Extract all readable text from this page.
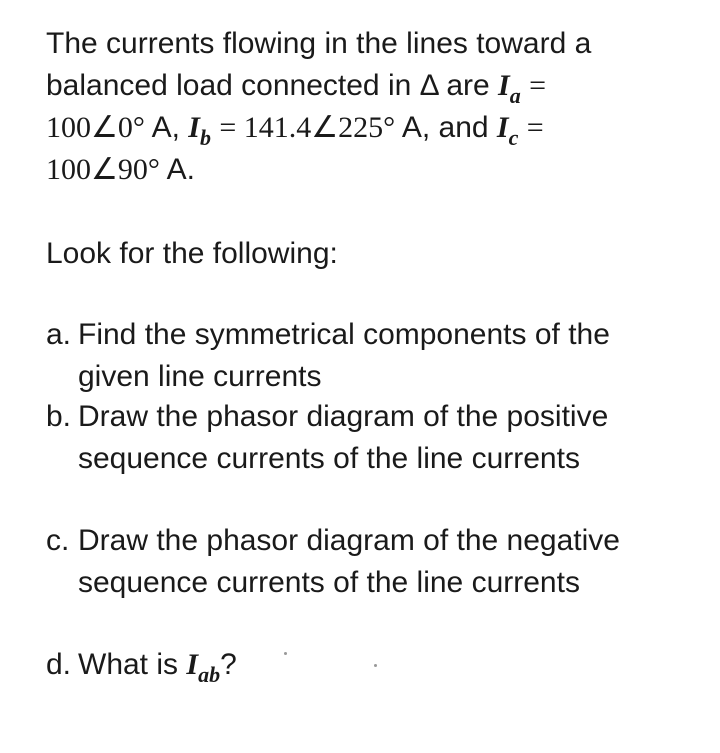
The currents flowing in the lines toward a
balanced load connected in Δ are $I_a$ =
100∠0° A, $I_b$ = 141.4∠225° A, and $I_c$ =
100∠90° A.
Look for the following:
a. Find the symmetrical components of the
given line currents
b. Draw the phasor diagram of the positive
sequence currents of the line currents
c. Draw the phasor diagram of the negative
sequence currents of the line currents
d. What is $I_{ab}$?
